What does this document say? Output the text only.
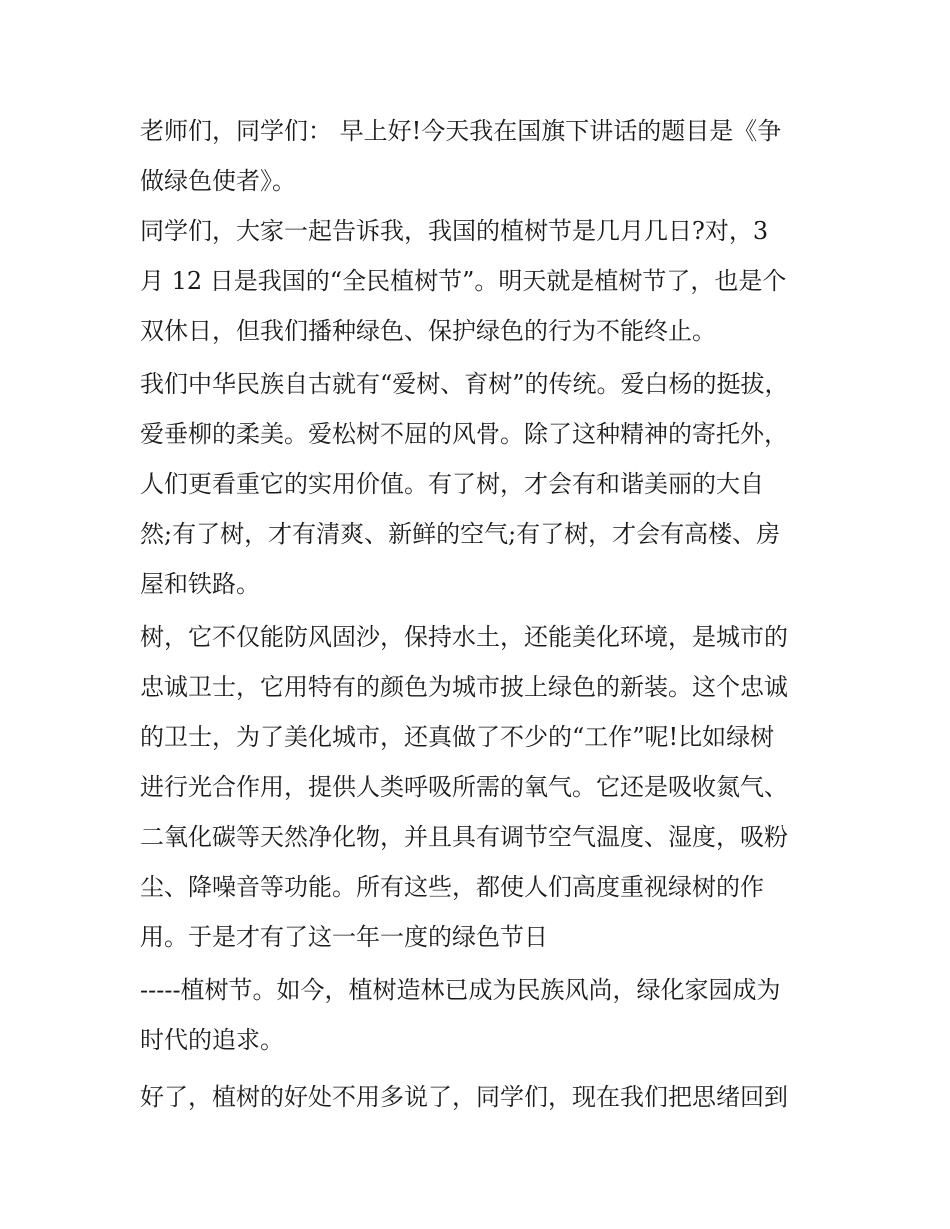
老师们，同学们： 早上好!今天我在国旗下讲话的题目是《争
做绿色使者》。
同学们，大家一起告诉我，我国的植树节是几月几日?对，3
月 12 日是我国的“全民植树节”。明天就是植树节了，也是个
双休日，但我们播种绿色、保护绿色的行为不能终止。
我们中华民族自古就有“爱树、育树”的传统。爱白杨的挺拔，
爱垂柳的柔美。爱松树不屈的风骨。除了这种精神的寄托外，
人们更看重它的实用价值。有了树，才会有和谐美丽的大自
然;有了树，才有清爽、新鲜的空气;有了树，才会有高楼、房
屋和铁路。
树，它不仅能防风固沙，保持水土，还能美化环境，是城市的
忠诚卫士，它用特有的颜色为城市披上绿色的新装。这个忠诚
的卫士，为了美化城市，还真做了不少的“工作”呢!比如绿树
进行光合作用，提供人类呼吸所需的氧气。它还是吸收氮气、
二氧化碳等天然净化物，并且具有调节空气温度、湿度，吸粉
尘、降噪音等功能。所有这些，都使人们高度重视绿树的作
用。于是才有了这一年一度的绿色节日
-----植树节。如今，植树造林已成为民族风尚，绿化家园成为
时代的追求。
好了，植树的好处不用多说了，同学们，现在我们把思绪回到
